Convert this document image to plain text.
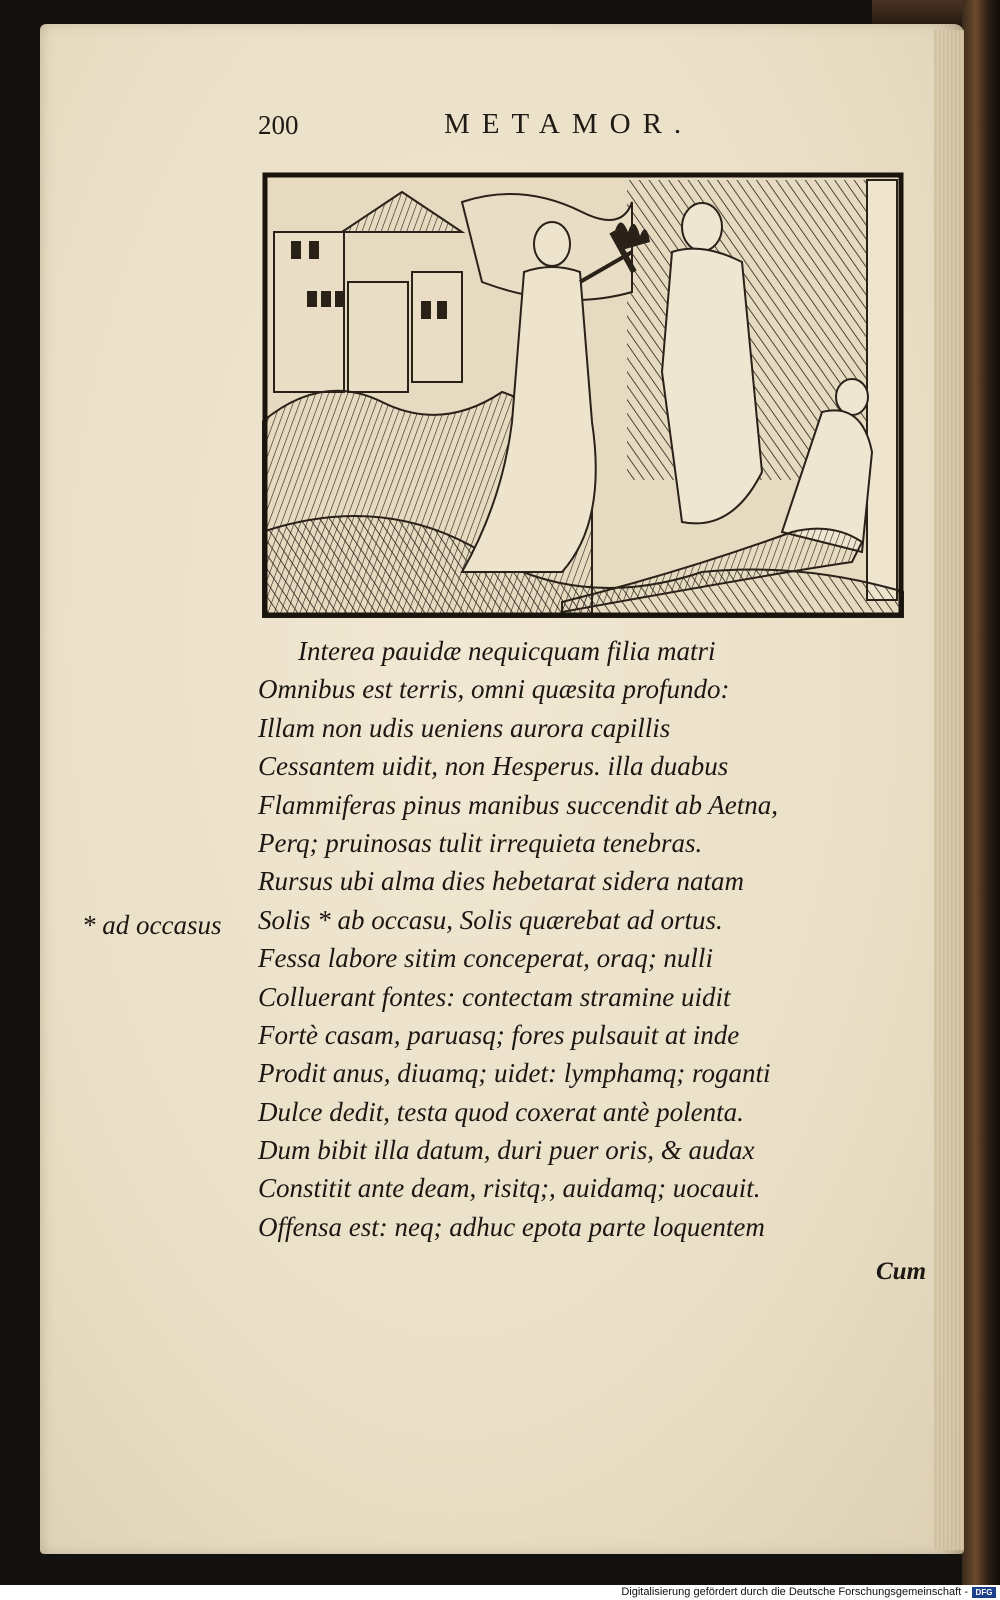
200	METAMOR.
Interea pauidæ nequicquam filia matri
Omnibus est terris, omni quæsita profundo:
Illam non udis ueniens aurora capillis
Cessantem uidit, non Hesperus. illa duabus
Flammiferas pinus manibus succendit ab Aetna,
Perq; pruinosas tulit irrequieta tenebras.
Rursus ubi alma dies hebetarat sidera natam
Solis * ab occasu, Solis quærebat ad ortus.
Fessa labore sitim conceperat, oraq; nulli
Colluerant fontes: contectam stramine uidit
Fortè casam, paruasq; fores pulsauit at inde
Prodit anus, diuamq; uidet: lymphamq; roganti
Dulce dedit, testa quod coxerat antè polenta.
Dum bibit illa datum, duri puer oris, & audax
Constitit ante deam, risitq;, auidamq; uocauit.
Offensa est: neq; adhuc epota parte loquentem
* ad occasus
Cum
Digitalisierung gefördert durch die Deutsche Forschungsgemeinschaft - DFG
